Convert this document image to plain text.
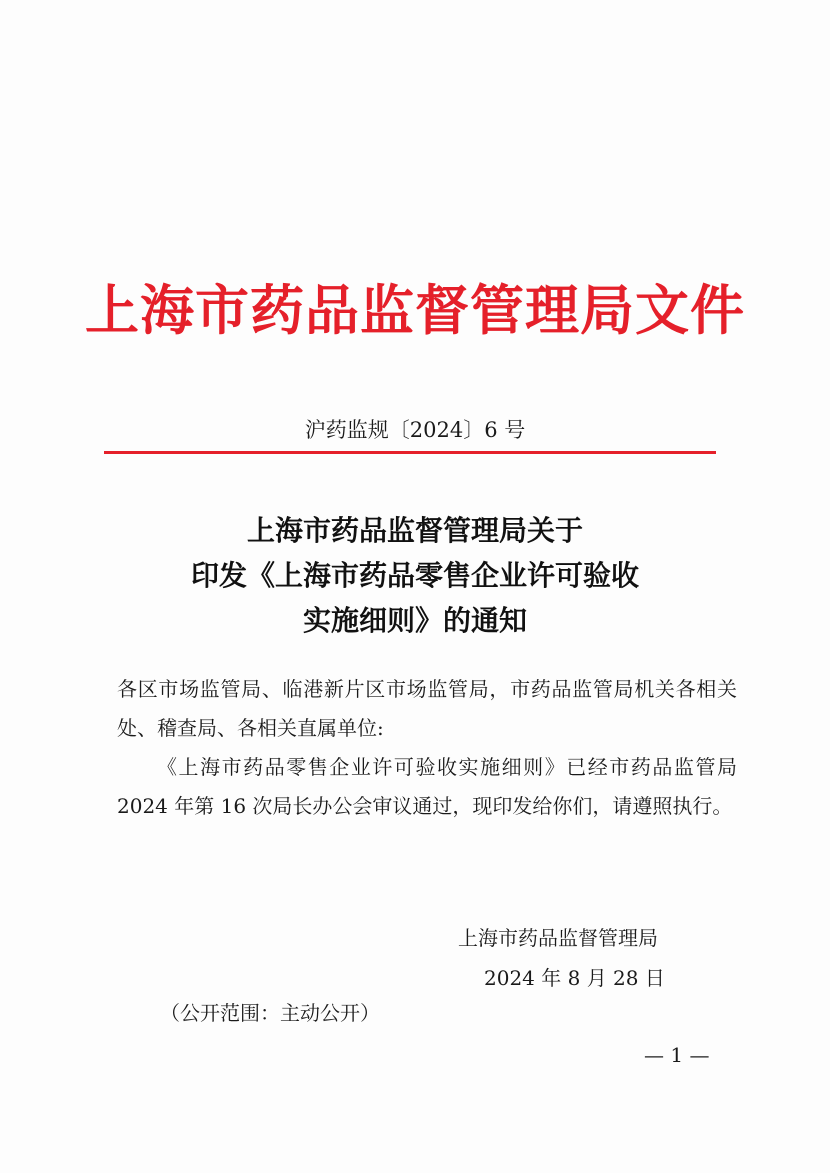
上海市药品监督管理局文件
沪药监规〔2024〕6 号
上海市药品监督管理局关于
印发《上海市药品零售企业许可验收
实施细则》的通知

各区市场监管局、临港新片区市场监管局，市药品监管局机关各相关处、稽查局、各相关直属单位:

《上海市药品零售企业许可验收实施细则》已经市药品监管局 2024 年第 16 次局长办公会审议通过，现印发给你们，请遵照执行。

上海市药品监督管理局
2024 年 8 月 28 日
（公开范围：主动公开）
— 1 —
